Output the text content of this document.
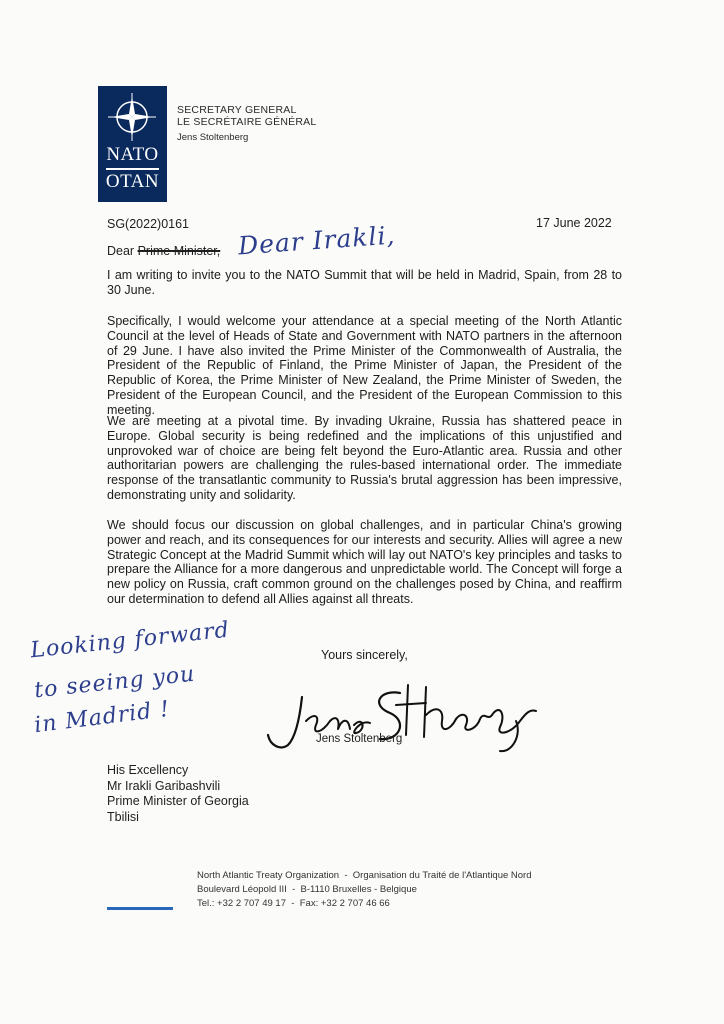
NATO
OTAN
SECRETARY GENERAL
LE SECRÉTAIRE GÉNÉRAL
Jens Stoltenberg
SG(2022)0161	17 June 2022
Dear Prime Minister, Dear Irakli,
I am writing to invite you to the NATO Summit that will be held in Madrid, Spain, from 28 to 30 June.
Specifically, I would welcome your attendance at a special meeting of the North Atlantic Council at the level of Heads of State and Government with NATO partners in the afternoon of 29 June. I have also invited the Prime Minister of the Commonwealth of Australia, the President of the Republic of Finland, the Prime Minister of Japan, the President of the Republic of Korea, the Prime Minister of New Zealand, the Prime Minister of Sweden, the President of the European Council, and the President of the European Commission to this meeting.
We are meeting at a pivotal time. By invading Ukraine, Russia has shattered peace in Europe. Global security is being redefined and the implications of this unjustified and unprovoked war of choice are being felt beyond the Euro-Atlantic area. Russia and other authoritarian powers are challenging the rules-based international order. The immediate response of the transatlantic community to Russia's brutal aggression has been impressive, demonstrating unity and solidarity.
We should focus our discussion on global challenges, and in particular China's growing power and reach, and its consequences for our interests and security. Allies will agree a new Strategic Concept at the Madrid Summit which will lay out NATO's key principles and tasks to prepare the Alliance for a more dangerous and unpredictable world. The Concept will forge a new policy on Russia, craft common ground on the challenges posed by China, and reaffirm our determination to defend all Allies against all threats.
Looking forward
to seeing you
in Madrid !
Yours sincerely,
Jens Stoltenberg
His Excellency
Mr Irakli Garibashvili
Prime Minister of Georgia
Tbilisi
North Atlantic Treaty Organization - Organisation du Traité de l'Atlantique Nord
Boulevard Léopold III - B-1110 Bruxelles - Belgique
Tel.: +32 2 707 49 17 - Fax: +32 2 707 46 66
